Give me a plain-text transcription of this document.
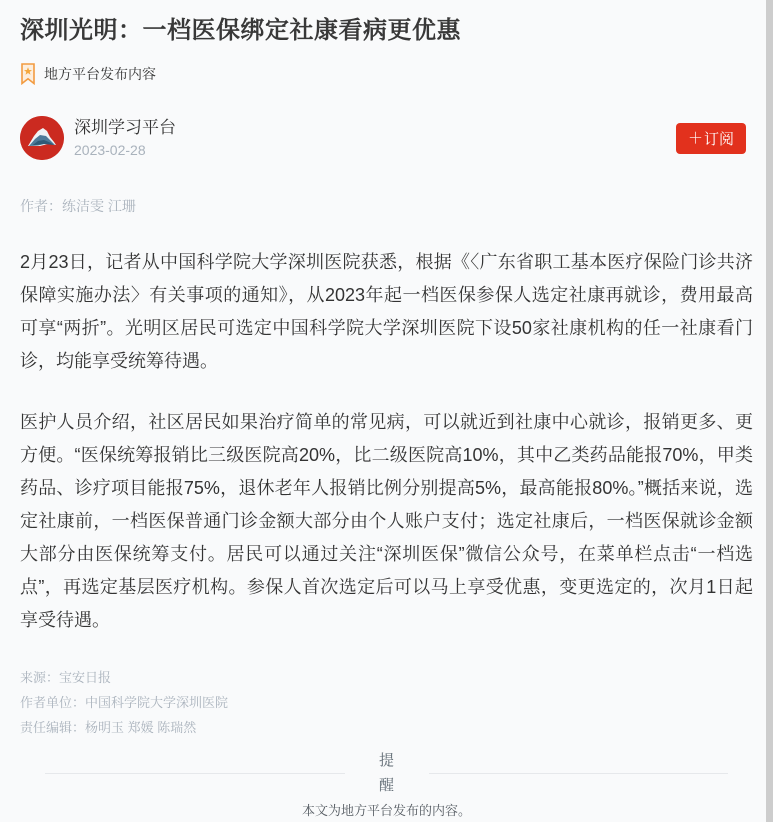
深圳光明：一档医保绑定社康看病更优惠
地方平台发布内容
深圳学习平台
2023-02-28
＋ 订阅
作者：练洁雯 江珊

2月23日，记者从中国科学院大学深圳医院获悉，根据《〈广东省职工基本医疗保险门诊共济保障实施办法〉有关事项的通知》，从2023年起一档医保参保人选定社康再就诊，费用最高可享“两折”。光明区居民可选定中国科学院大学深圳医院下设50家社康机构的任一社康看门诊，均能享受统筹待遇。

医护人员介绍，社区居民如果治疗简单的常见病，可以就近到社康中心就诊，报销更多、更方便。“医保统筹报销比三级医院高20%，比二级医院高10%，其中乙类药品能报70%，甲类药品、诊疗项目能报75%，退休老年人报销比例分别提高5%，最高能报80%。”概括来说，选定社康前，一档医保普通门诊金额大部分由个人账户支付；选定社康后，一档医保就诊金额大部分由医保统筹支付。居民可以通过关注“深圳医保”微信公众号，在菜单栏点击“一档选点”，再选定基层医疗机构。参保人首次选定后可以马上享受优惠，变更选定的，次月1日起享受待遇。

来源：宝安日报
作者单位：中国科学院大学深圳医院
责任编辑：杨明玉 郑媛 陈瑞然
提醒
本文为地方平台发布的内容。
